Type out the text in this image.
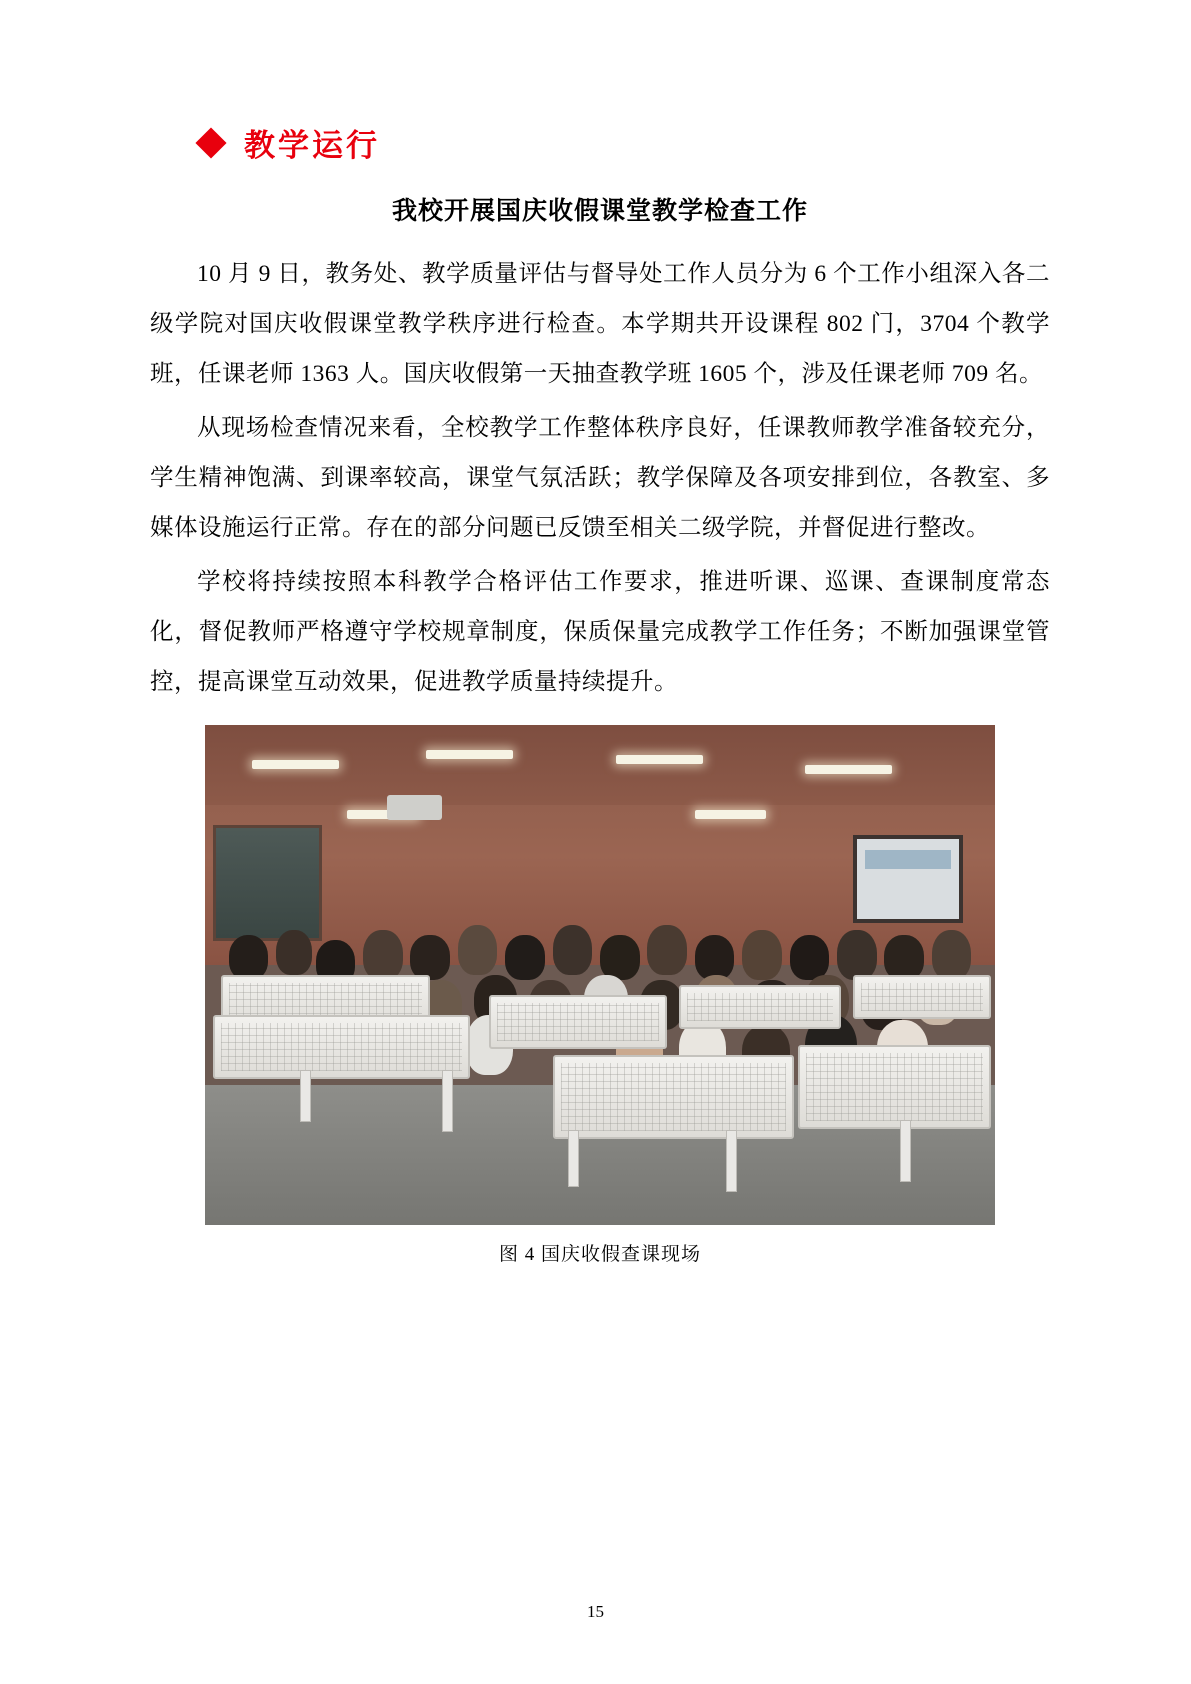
教学运行
我校开展国庆收假课堂教学检查工作

10 月 9 日，教务处、教学质量评估与督导处工作人员分为 6 个工作小组深入各二级学院对国庆收假课堂教学秩序进行检查。本学期共开设课程 802 门，3704 个教学班，任课老师 1363 人。国庆收假第一天抽查教学班 1605 个，涉及任课老师 709 名。

从现场检查情况来看，全校教学工作整体秩序良好，任课教师教学准备较充分，学生精神饱满、到课率较高，课堂气氛活跃；教学保障及各项安排到位，各教室、多媒体设施运行正常。存在的部分问题已反馈至相关二级学院，并督促进行整改。

学校将持续按照本科教学合格评估工作要求，推进听课、巡课、查课制度常态化，督促教师严格遵守学校规章制度，保质保量完成教学工作任务；不断加强课堂管控，提高课堂互动效果，促进教学质量持续提升。

图 4 国庆收假查课现场
15
